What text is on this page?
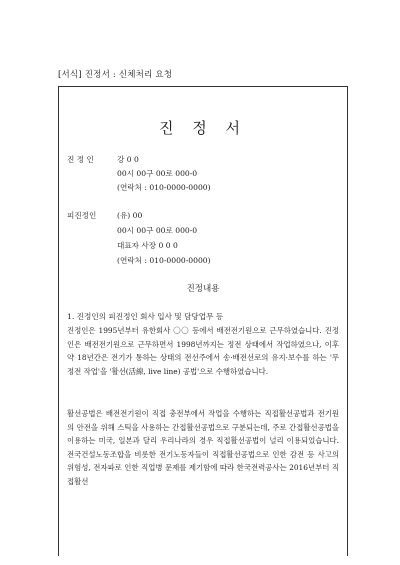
[서식] 진정서 : 신체처리 요청
진 정 서
진 정 인	강 0 0
00시 00구 00로 000-0
(연락처 : 010-0000-0000)
피진정인	(유) 00
00시 00구 00로 000-0
대표자 사장 0 0 0
(연락처 : 010-0000-0000)
진정내용
1. 진정인의 피진정인 회사 입사 및 담당업무 등

진정인은 1995년부터 유한회사 〇〇 등에서 배전전기원으로 근무하였습니다. 진정인은 배전전기원으로 근무하면서 1998년까지는 정전 상태에서 작업하였으나, 이후 약 18년간은 전기가 통하는 상태의 전선주에서 송·배전선로의 유지·보수를 하는 '무정전 작업'을 '활선(活線, live line) 공법'으로 수행하였습니다.

활선공법은 배전전기원이 직접 충전부에서 작업을 수행하는 직접활선공법과 전기원의 안전을 위해 스틱을 사용하는 간접활선공법으로 구분되는데, 주로 간접활선공법을 이용하는 미국, 일본과 달리 우리나라의 경우 직접활선공법이 널리 이용되었습니다. 전국건설노동조합을 비롯한 전기노동자들이 직접활선공법으로 인한 감전 등 사고의 위험성, 전자파로 인한 직업병 문제를 제기함에 따라 한국전력공사는 2016년부터 직접활선
